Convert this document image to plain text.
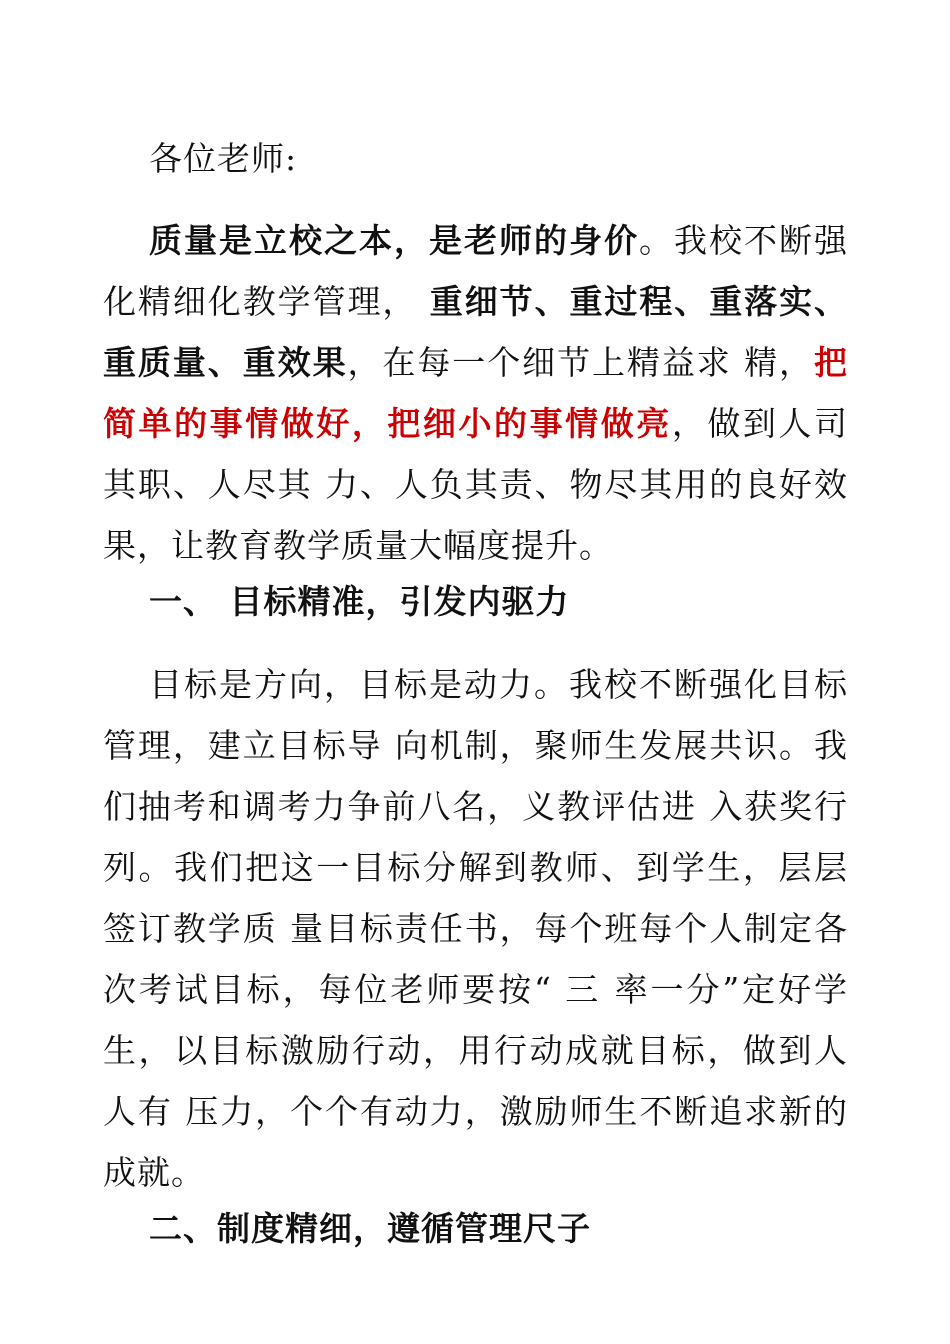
各位老师:
质量是立校之本，是老师的身价。我校不断强化精细化教学管理， 重细节、重过程、重落实、重质量、重效果，在每一个细节上精益求 精，把简单的事情做好，把细小的事情做亮，做到人司其职、人尽其 力、人负其责、物尽其用的良好效果，让教育教学质量大幅度提升。
一、 目标精准，引发内驱力
目标是方向，目标是动力。我校不断强化目标管理，建立目标导 向机制，聚师生发展共识。我们抽考和调考力争前八名，义教评估进 入获奖行列。我们把这一目标分解到教师、到学生，层层签订教学质 量目标责任书，每个班每个人制定各次考试目标，每位老师要按“ 三 率一分”定好学生，以目标激励行动，用行动成就目标，做到人人有 压力，个个有动力，激励师生不断追求新的成就。
二、制度精细，遵循管理尺子
